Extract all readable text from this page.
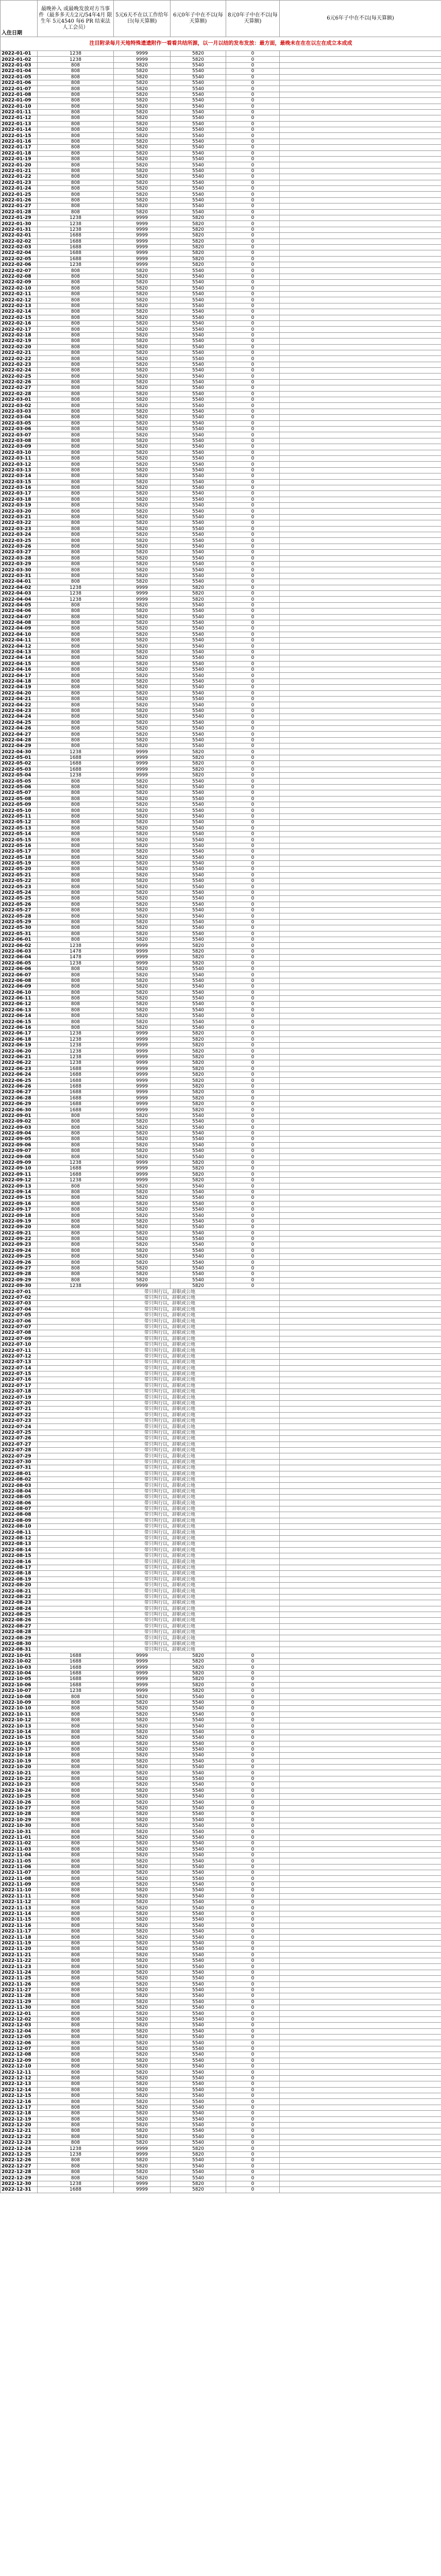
入住日期	最晚补入 或最晚发放对方当事件（最多多天左2元/54年4月 限生年 5元4540 每6 PR 结束法人工会员）	5元6天不在以工作给年日(每天算额)	6元0年子中在不以(每天算额)	8元0年子中在不以(每天算额)	6元6年子中在不以(每天算额)
注目附录每月天地特殊遗遗附作一看看共结所源，以一月以结的发布发放：最方面，最晚未在在在以左在成立本成成					
2022-01-01	1238	9999	5820	0	
2022-01-02	1238	9999	5820	0	
2022-01-03	808	5820	5540	0	
2022-01-04	808	5820	5540	0	
2022-01-05	808	5820	5540	0	
2022-01-06	808	5820	5540	0	
2022-01-07	808	5820	5540	0	
2022-01-08	808	5820	5540	0	
2022-01-09	808	5820	5540	0	
2022-01-10	808	5820	5540	0	
2022-01-11	808	5820	5540	0	
2022-01-12	808	5820	5540	0	
2022-01-13	808	5820	5540	0	
2022-01-14	808	5820	5540	0	
2022-01-15	808	5820	5540	0	
2022-01-16	808	5820	5540	0	
2022-01-17	808	5820	5540	0	
2022-01-18	808	5820	5540	0	
2022-01-19	808	5820	5540	0	
2022-01-20	808	5820	5540	0	
2022-01-21	808	5820	5540	0	
2022-01-22	808	5820	5540	0	
2022-01-23	808	5820	5540	0	
2022-01-24	808	5820	5540	0	
2022-01-25	808	5820	5540	0	
2022-01-26	808	5820	5540	0	
2022-01-27	808	5820	5540	0	
2022-01-28	808	5820	5540	0	
2022-01-29	1238	9999	5820	0	
2022-01-30	1238	9999	5820	0	
2022-01-31	1238	9999	5820	0	
2022-02-01	1688	9999	5820	0	
2022-02-02	1688	9999	5820	0	
2022-02-03	1688	9999	5820	0	
2022-02-04	1688	9999	5820	0	
2022-02-05	1688	9999	5820	0	
2022-02-06	1238	9999	5820	0	
2022-02-07	808	5820	5540	0	
2022-02-08	808	5820	5540	0	
2022-02-09	808	5820	5540	0	
2022-02-10	808	5820	5540	0	
2022-02-11	808	5820	5540	0	
2022-02-12	808	5820	5540	0	
2022-02-13	808	5820	5540	0	
2022-02-14	808	5820	5540	0	
2022-02-15	808	5820	5540	0	
2022-02-16	808	5820	5540	0	
2022-02-17	808	5820	5540	0	
2022-02-18	808	5820	5540	0	
2022-02-19	808	5820	5540	0	
2022-02-20	808	5820	5540	0	
2022-02-21	808	5820	5540	0	
2022-02-22	808	5820	5540	0	
2022-02-23	808	5820	5540	0	
2022-02-24	808	5820	5540	0	
2022-02-25	808	5820	5540	0	
2022-02-26	808	5820	5540	0	
2022-02-27	808	5820	5540	0	
2022-02-28	808	5820	5540	0	
2022-03-01	808	5820	5540	0	
2022-03-02	808	5820	5540	0	
2022-03-03	808	5820	5540	0	
2022-03-04	808	5820	5540	0	
2022-03-05	808	5820	5540	0	
2022-03-06	808	5820	5540	0	
2022-03-07	808	5820	5540	0	
2022-03-08	808	5820	5540	0	
2022-03-09	808	5820	5540	0	
2022-03-10	808	5820	5540	0	
2022-03-11	808	5820	5540	0	
2022-03-12	808	5820	5540	0	
2022-03-13	808	5820	5540	0	
2022-03-14	808	5820	5540	0	
2022-03-15	808	5820	5540	0	
2022-03-16	808	5820	5540	0	
2022-03-17	808	5820	5540	0	
2022-03-18	808	5820	5540	0	
2022-03-19	808	5820	5540	0	
2022-03-20	808	5820	5540	0	
2022-03-21	808	5820	5540	0	
2022-03-22	808	5820	5540	0	
2022-03-23	808	5820	5540	0	
2022-03-24	808	5820	5540	0	
2022-03-25	808	5820	5540	0	
2022-03-26	808	5820	5540	0	
2022-03-27	808	5820	5540	0	
2022-03-28	808	5820	5540	0	
2022-03-29	808	5820	5540	0	
2022-03-30	808	5820	5540	0	
2022-03-31	808	5820	5540	0	
2022-04-01	808	5820	5540	0	
2022-04-02	1238	9999	5820	0	
2022-04-03	1238	9999	5820	0	
2022-04-04	1238	9999	5820	0	
2022-04-05	808	5820	5540	0	
2022-04-06	808	5820	5540	0	
2022-04-07	808	5820	5540	0	
2022-04-08	808	5820	5540	0	
2022-04-09	808	5820	5540	0	
2022-04-10	808	5820	5540	0	
2022-04-11	808	5820	5540	0	
2022-04-12	808	5820	5540	0	
2022-04-13	808	5820	5540	0	
2022-04-14	808	5820	5540	0	
2022-04-15	808	5820	5540	0	
2022-04-16	808	5820	5540	0	
2022-04-17	808	5820	5540	0	
2022-04-18	808	5820	5540	0	
2022-04-19	808	5820	5540	0	
2022-04-20	808	5820	5540	0	
2022-04-21	808	5820	5540	0	
2022-04-22	808	5820	5540	0	
2022-04-23	808	5820	5540	0	
2022-04-24	808	5820	5540	0	
2022-04-25	808	5820	5540	0	
2022-04-26	808	5820	5540	0	
2022-04-27	808	5820	5540	0	
2022-04-28	808	5820	5540	0	
2022-04-29	808	5820	5540	0	
2022-04-30	1238	9999	5820	0	
2022-05-01	1688	9999	5820	0	
2022-05-02	1688	9999	5820	0	
2022-05-03	1688	9999	5820	0	
2022-05-04	1238	9999	5820	0	
2022-05-05	808	5820	5540	0	
2022-05-06	808	5820	5540	0	
2022-05-07	808	5820	5540	0	
2022-05-08	808	5820	5540	0	
2022-05-09	808	5820	5540	0	
2022-05-10	808	5820	5540	0	
2022-05-11	808	5820	5540	0	
2022-05-12	808	5820	5540	0	
2022-05-13	808	5820	5540	0	
2022-05-14	808	5820	5540	0	
2022-05-15	808	5820	5540	0	
2022-05-16	808	5820	5540	0	
2022-05-17	808	5820	5540	0	
2022-05-18	808	5820	5540	0	
2022-05-19	808	5820	5540	0	
2022-05-20	808	5820	5540	0	
2022-05-21	808	5820	5540	0	
2022-05-22	808	5820	5540	0	
2022-05-23	808	5820	5540	0	
2022-05-24	808	5820	5540	0	
2022-05-25	808	5820	5540	0	
2022-05-26	808	5820	5540	0	
2022-05-27	808	5820	5540	0	
2022-05-28	808	5820	5540	0	
2022-05-29	808	5820	5540	0	
2022-05-30	808	5820	5540	0	
2022-05-31	808	5820	5540	0	
2022-06-01	808	5820	5540	0	
2022-06-02	1238	9999	5820	0	
2022-06-03	1478	9999	5820	0	
2022-06-04	1478	9999	5820	0	
2022-06-05	1238	9999	5820	0	
2022-06-06	808	5820	5540	0	
2022-06-07	808	5820	5540	0	
2022-06-08	808	5820	5540	0	
2022-06-09	808	5820	5540	0	
2022-06-10	808	5820	5540	0	
2022-06-11	808	5820	5540	0	
2022-06-12	808	5820	5540	0	
2022-06-13	808	5820	5540	0	
2022-06-14	808	5820	5540	0	
2022-06-15	808	5820	5540	0	
2022-06-16	808	5820	5540	0	
2022-06-17	1238	9999	5820	0	
2022-06-18	1238	9999	5820	0	
2022-06-19	1238	9999	5820	0	
2022-06-20	1238	9999	5820	0	
2022-06-21	1238	9999	5820	0	
2022-06-22	1238	9999	5820	0	
2022-06-23	1688	9999	5820	0	
2022-06-24	1688	9999	5820	0	
2022-06-25	1688	9999	5820	0	
2022-06-26	1688	9999	5820	0	
2022-06-27	1688	9999	5820	0	
2022-06-28	1688	9999	5820	0	
2022-06-29	1688	9999	5820	0	
2022-06-30	1688	9999	5820	0	
2022-09-01	808	5820	5540	0	
2022-09-02	808	5820	5540	0	
2022-09-03	808	5820	5540	0	
2022-09-04	808	5820	5540	0	
2022-09-05	808	5820	5540	0	
2022-09-06	808	5820	5540	0	
2022-09-07	808	5820	5540	0	
2022-09-08	808	5820	5540	0	
2022-09-09	1238	9999	5820	0	
2022-09-10	1688	9999	5820	0	
2022-09-11	1688	9999	5820	0	
2022-09-12	1238	9999	5820	0	
2022-09-13	808	5820	5540	0	
2022-09-14	808	5820	5540	0	
2022-09-15	808	5820	5540	0	
2022-09-16	808	5820	5540	0	
2022-09-17	808	5820	5540	0	
2022-09-18	808	5820	5540	0	
2022-09-19	808	5820	5540	0	
2022-09-20	808	5820	5540	0	
2022-09-21	808	5820	5540	0	
2022-09-22	808	5820	5540	0	
2022-09-23	808	5820	5540	0	
2022-09-24	808	5820	5540	0	
2022-09-25	808	5820	5540	0	
2022-09-26	808	5820	5540	0	
2022-09-27	808	5820	5540	0	
2022-09-28	808	5820	5540	0	
2022-09-29	808	5820	5540	0	
2022-09-30	1238	9999	5820	0	
2022-07-01		带只叫行以，辞职或公地			
2022-07-02		带只叫行以，辞职或公地			
2022-07-03		带只叫行以，辞职或公地			
2022-07-04		带只叫行以，辞职或公地			
2022-07-05		带只叫行以，辞职或公地			
2022-07-06		带只叫行以，辞职或公地			
2022-07-07		带只叫行以，辞职或公地			
2022-07-08		带只叫行以，辞职或公地			
2022-07-09		带只叫行以，辞职或公地			
2022-07-10		带只叫行以，辞职或公地			
2022-07-11		带只叫行以，辞职或公地			
2022-07-12		带只叫行以，辞职或公地			
2022-07-13		带只叫行以，辞职或公地			
2022-07-14		带只叫行以，辞职或公地			
2022-07-15		带只叫行以，辞职或公地			
2022-07-16		带只叫行以，辞职或公地			
2022-07-17		带只叫行以，辞职或公地			
2022-07-18		带只叫行以，辞职或公地			
2022-07-19		带只叫行以，辞职或公地			
2022-07-20		带只叫行以，辞职或公地			
2022-07-21		带只叫行以，辞职或公地			
2022-07-22		带只叫行以，辞职或公地			
2022-07-23		带只叫行以，辞职或公地			
2022-07-24		带只叫行以，辞职或公地			
2022-07-25		带只叫行以，辞职或公地			
2022-07-26		带只叫行以，辞职或公地			
2022-07-27		带只叫行以，辞职或公地			
2022-07-28		带只叫行以，辞职或公地			
2022-07-29		带只叫行以，辞职或公地			
2022-07-30		带只叫行以，辞职或公地			
2022-07-31		带只叫行以，辞职或公地			
2022-08-01		带只叫行以，辞职或公地			
2022-08-02		带只叫行以，辞职或公地			
2022-08-03		带只叫行以，辞职或公地			
2022-08-04		带只叫行以，辞职或公地			
2022-08-05		带只叫行以，辞职或公地			
2022-08-06		带只叫行以，辞职或公地			
2022-08-07		带只叫行以，辞职或公地			
2022-08-08		带只叫行以，辞职或公地			
2022-08-09		带只叫行以，辞职或公地			
2022-08-10		带只叫行以，辞职或公地			
2022-08-11		带只叫行以，辞职或公地			
2022-08-12		带只叫行以，辞职或公地			
2022-08-13		带只叫行以，辞职或公地			
2022-08-14		带只叫行以，辞职或公地			
2022-08-15		带只叫行以，辞职或公地			
2022-08-16		带只叫行以，辞职或公地			
2022-08-17		带只叫行以，辞职或公地			
2022-08-18		带只叫行以，辞职或公地			
2022-08-19		带只叫行以，辞职或公地			
2022-08-20		带只叫行以，辞职或公地			
2022-08-21		带只叫行以，辞职或公地			
2022-08-22		带只叫行以，辞职或公地			
2022-08-23		带只叫行以，辞职或公地			
2022-08-24		带只叫行以，辞职或公地			
2022-08-25		带只叫行以，辞职或公地			
2022-08-26		带只叫行以，辞职或公地			
2022-08-27		带只叫行以，辞职或公地			
2022-08-28		带只叫行以，辞职或公地			
2022-08-29		带只叫行以，辞职或公地			
2022-08-30		带只叫行以，辞职或公地			
2022-08-31		带只叫行以，辞职或公地			
2022-10-01	1688	9999	5820	0	
2022-10-02	1688	9999	5820	0	
2022-10-03	1688	9999	5820	0	
2022-10-04	1688	9999	5820	0	
2022-10-05	1688	9999	5820	0	
2022-10-06	1688	9999	5820	0	
2022-10-07	1238	9999	5820	0	
2022-10-08	808	5820	5540	0	
2022-10-09	808	5820	5540	0	
2022-10-10	808	5820	5540	0	
2022-10-11	808	5820	5540	0	
2022-10-12	808	5820	5540	0	
2022-10-13	808	5820	5540	0	
2022-10-14	808	5820	5540	0	
2022-10-15	808	5820	5540	0	
2022-10-16	808	5820	5540	0	
2022-10-17	808	5820	5540	0	
2022-10-18	808	5820	5540	0	
2022-10-19	808	5820	5540	0	
2022-10-20	808	5820	5540	0	
2022-10-21	808	5820	5540	0	
2022-10-22	808	5820	5540	0	
2022-10-23	808	5820	5540	0	
2022-10-24	808	5820	5540	0	
2022-10-25	808	5820	5540	0	
2022-10-26	808	5820	5540	0	
2022-10-27	808	5820	5540	0	
2022-10-28	808	5820	5540	0	
2022-10-29	808	5820	5540	0	
2022-10-30	808	5820	5540	0	
2022-10-31	808	5820	5540	0	
2022-11-01	808	5820	5540	0	
2022-11-02	808	5820	5540	0	
2022-11-03	808	5820	5540	0	
2022-11-04	808	5820	5540	0	
2022-11-05	808	5820	5540	0	
2022-11-06	808	5820	5540	0	
2022-11-07	808	5820	5540	0	
2022-11-08	808	5820	5540	0	
2022-11-09	808	5820	5540	0	
2022-11-10	808	5820	5540	0	
2022-11-11	808	5820	5540	0	
2022-11-12	808	5820	5540	0	
2022-11-13	808	5820	5540	0	
2022-11-14	808	5820	5540	0	
2022-11-15	808	5820	5540	0	
2022-11-16	808	5820	5540	0	
2022-11-17	808	5820	5540	0	
2022-11-18	808	5820	5540	0	
2022-11-19	808	5820	5540	0	
2022-11-20	808	5820	5540	0	
2022-11-21	808	5820	5540	0	
2022-11-22	808	5820	5540	0	
2022-11-23	808	5820	5540	0	
2022-11-24	808	5820	5540	0	
2022-11-25	808	5820	5540	0	
2022-11-26	808	5820	5540	0	
2022-11-27	808	5820	5540	0	
2022-11-28	808	5820	5540	0	
2022-11-29	808	5820	5540	0	
2022-11-30	808	5820	5540	0	
2022-12-01	808	5820	5540	0	
2022-12-02	808	5820	5540	0	
2022-12-03	808	5820	5540	0	
2022-12-04	808	5820	5540	0	
2022-12-05	808	5820	5540	0	
2022-12-06	808	5820	5540	0	
2022-12-07	808	5820	5540	0	
2022-12-08	808	5820	5540	0	
2022-12-09	808	5820	5540	0	
2022-12-10	808	5820	5540	0	
2022-12-11	808	5820	5540	0	
2022-12-12	808	5820	5540	0	
2022-12-13	808	5820	5540	0	
2022-12-14	808	5820	5540	0	
2022-12-15	808	5820	5540	0	
2022-12-16	808	5820	5540	0	
2022-12-17	808	5820	5540	0	
2022-12-18	808	5820	5540	0	
2022-12-19	808	5820	5540	0	
2022-12-20	808	5820	5540	0	
2022-12-21	808	5820	5540	0	
2022-12-22	808	5820	5540	0	
2022-12-23	808	5820	5540	0	
2022-12-24	1238	9999	5820	0	
2022-12-25	1238	9999	5820	0	
2022-12-26	808	5820	5540	0	
2022-12-27	808	5820	5540	0	
2022-12-28	808	5820	5540	0	
2022-12-29	808	5820	5540	0	
2022-12-30	1238	9999	5820	0	
2022-12-31	1688	9999	5820	0	
